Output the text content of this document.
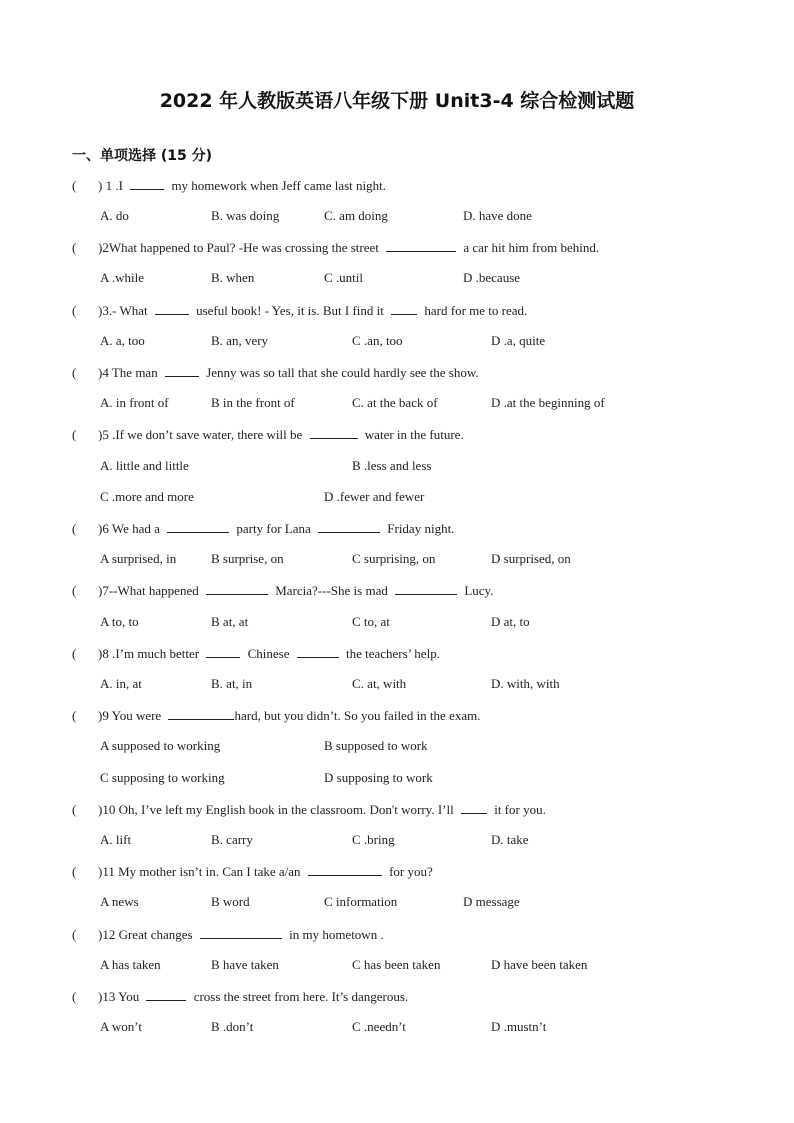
2022 年人教版英语八年级下册 Unit3-4 综合检测试题
一、单项选择 (15 分)
( ) 1 .I	my homework when Jeff came last night.
A. do	B. was doing	C. am doing	D. have done
( )2What happened to Paul? -He was crossing the street	a car hit him from behind.
A .while	B. when	C .until	D .because
( )3.- What	useful book! - Yes, it is. But I find it	hard for me to read.
A. a, too	B. an, very	C .an, too	D .a, quite
( )4 The man	Jenny was so tall that she could hardly see the show.
A. in front of	B in the front of	C. at the back of	D .at the beginning of
( )5 .If we don’t save water, there will be	water in the future.
A. little and little	B .less and less
C .more and more	D .fewer and fewer
( )6 We had a	party for Lana	Friday night.
A surprised, in	B surprise, on	C surprising, on	D surprised, on
( )7--What happened	Marcia?---She is mad	Lucy.
A to, to	B at, at	C to, at	D at, to
( )8 .I’m much better	Chinese	the teachers’ help.
A. in, at	B. at, in	C. at, with	D. with, with
( )9 You were	hard, but you didn’t. So you failed in the exam.
A supposed to working	B supposed to work
C supposing to working	D supposing to work
( )10 Oh, I’ve left my English book in the classroom. Don't worry. I’ll	it for you.
A. lift	B. carry	C .bring	D. take
( )11 My mother isn’t in. Can I take a/an	for you?
A news	B word	C information	D message
( )12 Great changes	in my hometown .
A has taken	B have taken	C has been taken	D have been taken
( )13 You	cross the street from here. It’s dangerous.
A won’t	B .don’t	C .needn’t	D .mustn’t
